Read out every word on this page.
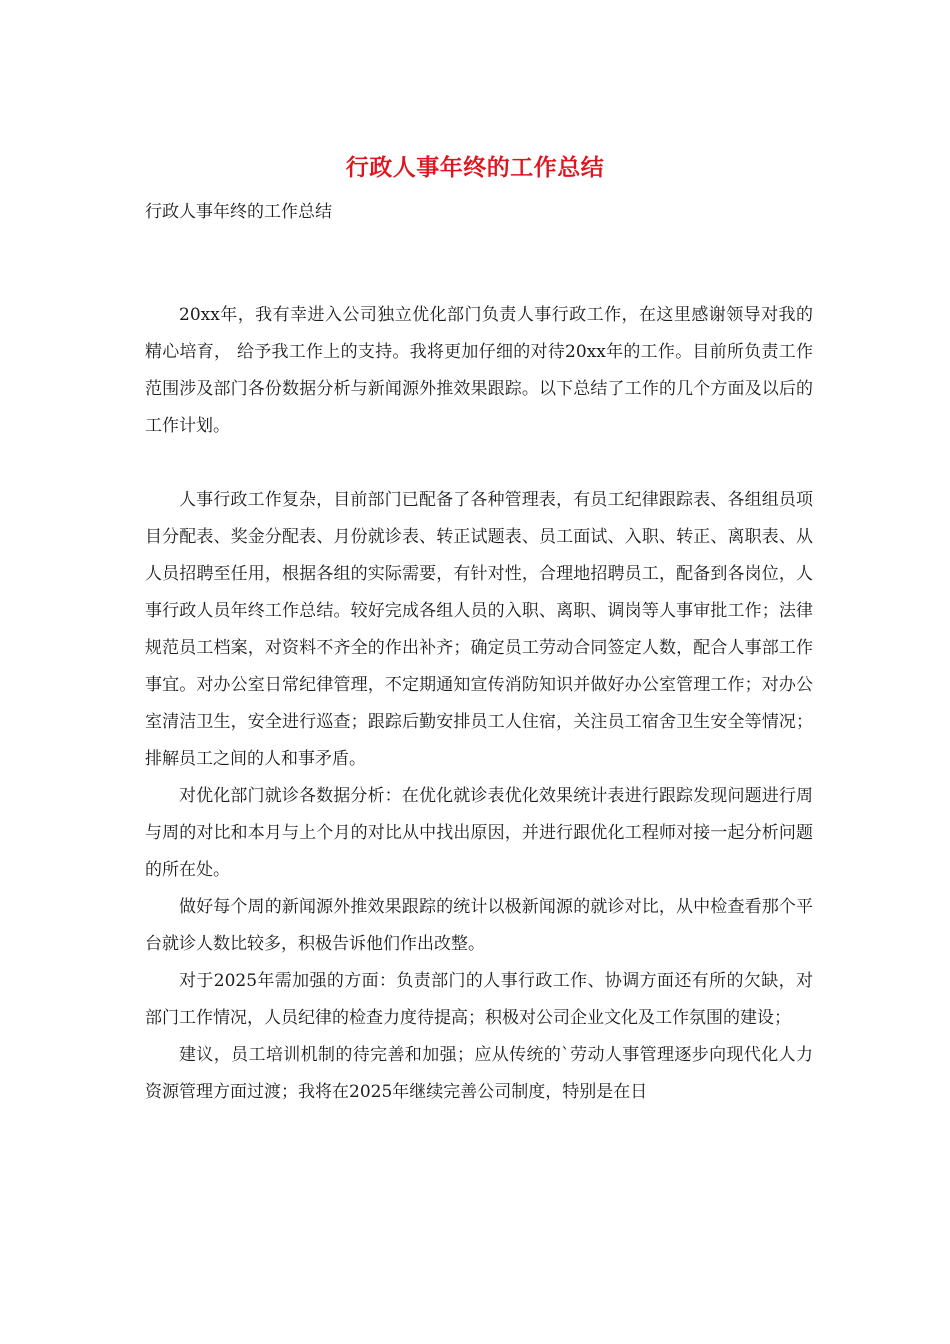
行政人事年终的工作总结
行政人事年终的工作总结

20xx年，我有幸进入公司独立优化部门负责人事行政工作，在这里感谢领导对我的精心培育， 给予我工作上的支持。我将更加仔细的对待20xx年的工作。目前所负责工作范围涉及部门各份数据分析与新闻源外推效果跟踪。以下总结了工作的几个方面及以后的工作计划。

人事行政工作复杂，目前部门已配备了各种管理表，有员工纪律跟踪表、各组组员项目分配表、奖金分配表、月份就诊表、转正试题表、员工面试、入职、转正、离职表、从人员招聘至任用，根据各组的实际需要，有针对性，合理地招聘员工，配备到各岗位，人事行政人员年终工作总结。较好完成各组人员的入职、离职、调岗等人事审批工作；法律规范员工档案，对资料不齐全的作出补齐；确定员工劳动合同签定人数，配合人事部工作事宜。对办公室日常纪律管理，不定期通知宣传消防知识并做好办公室管理工作；对办公室清洁卫生，安全进行巡查；跟踪后勤安排员工人住宿，关注员工宿舍卫生安全等情况；排解员工之间的人和事矛盾。

对优化部门就诊各数据分析：在优化就诊表优化效果统计表进行跟踪发现问题进行周与周的对比和本月与上个月的对比从中找出原因，并进行跟优化工程师对接一起分析问题的所在处。

做好每个周的新闻源外推效果跟踪的统计以极新闻源的就诊对比，从中检查看那个平台就诊人数比较多，积极告诉他们作出改整。

对于2025年需加强的方面：负责部门的人事行政工作、协调方面还有所的欠缺，对部门工作情况，人员纪律的检查力度待提高；积极对公司企业文化及工作氛围的建设；

建议，员工培训机制的待完善和加强；应从传统的`劳动人事管理逐步向现代化人力资源管理方面过渡；我将在2025年继续完善公司制度，特别是在日
